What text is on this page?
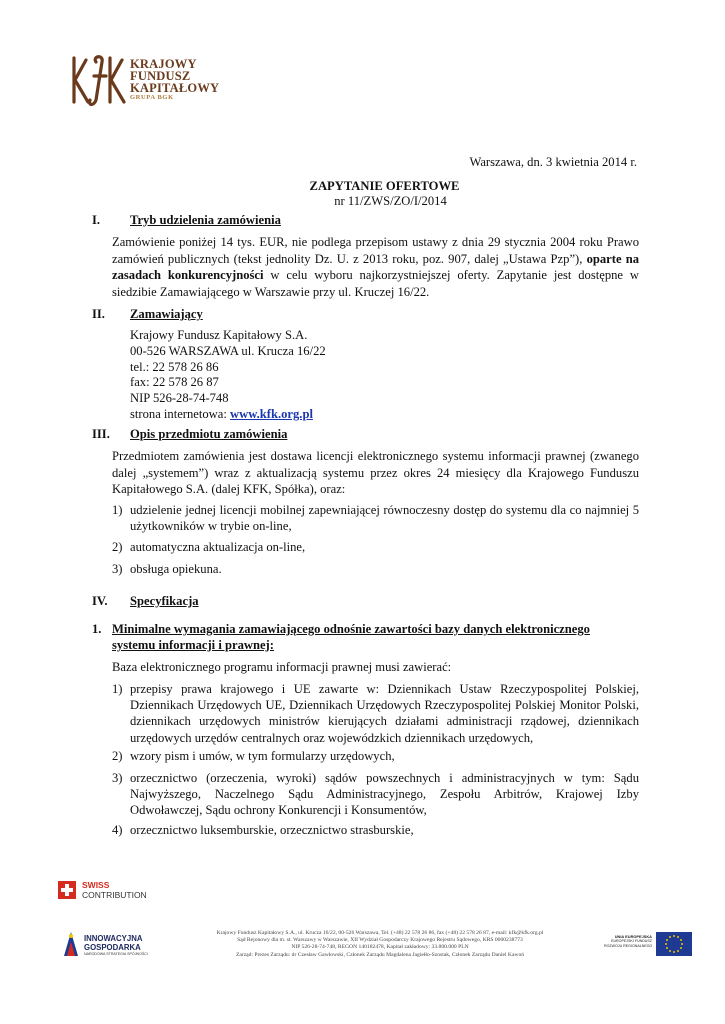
KRAJOWY
FUNDUSZ
KAPITAŁOWY
GRUPA BGK
Warszawa, dn. 3 kwietnia 2014 r.
ZAPYTANIE OFERTOWE
nr 11/ZWS/ZO/I/2014
I. Tryb udzielenia zamówienia
Zamówienie poniżej 14 tys. EUR, nie podlega przepisom ustawy z dnia 29 stycznia 2004 roku Prawo zamówień publicznych (tekst jednolity Dz. U. z 2013 roku, poz. 907, dalej „Ustawa Pzp”), oparte na zasadach konkurencyjności w celu wyboru najkorzystniejszej oferty. Zapytanie jest dostępne w siedzibie Zamawiającego w Warszawie przy ul. Kruczej 16/22.
II. Zamawiający
Krajowy Fundusz Kapitałowy S.A.
00-526 WARSZAWA ul. Krucza 16/22
tel.: 22 578 26 86
fax: 22 578 26 87
NIP 526-28-74-748
strona internetowa: www.kfk.org.pl
III. Opis przedmiotu zamówienia
Przedmiotem zamówienia jest dostawa licencji elektronicznego systemu informacji prawnej (zwanego dalej „systemem”) wraz z aktualizacją systemu przez okres 24 miesięcy dla Krajowego Funduszu Kapitałowego S.A. (dalej KFK, Spółka), oraz:
1) udzielenie jednej licencji mobilnej zapewniającej równoczesny dostęp do systemu dla co najmniej 5 użytkowników w trybie on-line,
2) automatyczna aktualizacja on-line,
3) obsługa opiekuna.
IV. Specyfikacja
1. Minimalne wymagania zamawiającego odnośnie zawartości bazy danych elektronicznego systemu informacji i prawnej:
Baza elektronicznego programu informacji prawnej musi zawierać:
1) przepisy prawa krajowego i UE zawarte w: Dziennikach Ustaw Rzeczypospolitej Polskiej, Dziennikach Urzędowych UE, Dziennikach Urzędowych Rzeczypospolitej Polskiej Monitor Polski, dziennikach urzędowych ministrów kierujących działami administracji rządowej, dziennikach urzędowych urzędów centralnych oraz wojewódzkich dziennikach urzędowych,
2) wzory pism i umów, w tym formularzy urzędowych,
3) orzecznictwo (orzeczenia, wyroki) sądów powszechnych i administracyjnych w tym: Sądu Najwyższego, Naczelnego Sądu Administracyjnego, Zespołu Arbitrów, Krajowej Izby Odwoławczej, Sądu ochrony Konkurencji i Konsumentów,
4) orzecznictwo luksemburskie, orzecznictwo strasburskie,
SWISS
CONTRIBUTION
INNOWACYJNA
GOSPODARKA
NARODOWA STRATEGIA SPÓJNOŚCI
Krajowy Fundusz Kapitałowy S.A., ul. Krucza 16/22, 00-526 Warszawa, Tel. (+48) 22 578 26 86, fax (+48) 22 578 26 87, e-mail: kfk@kfk.org.pl
Sąd Rejonowy dla m. st. Warszawy w Warszawie, XII Wydział Gospodarczy Krajowego Rejestru Sądowego, KRS 0000238773
NIP 526-28-74-748, REGON 140182478, Kapitał zakładowy: 33.800.000 PLN
Zarząd: Prezes Zarządu: dr Czesław Gawłowski, Członek Zarządu Magdalena Jagiełło-Szostak, Członek Zarządu Daniel Kawoń
UNIA EUROPEJSKA
EUROPEJSKI FUNDUSZ
ROZWOJU REGIONALNEGO
